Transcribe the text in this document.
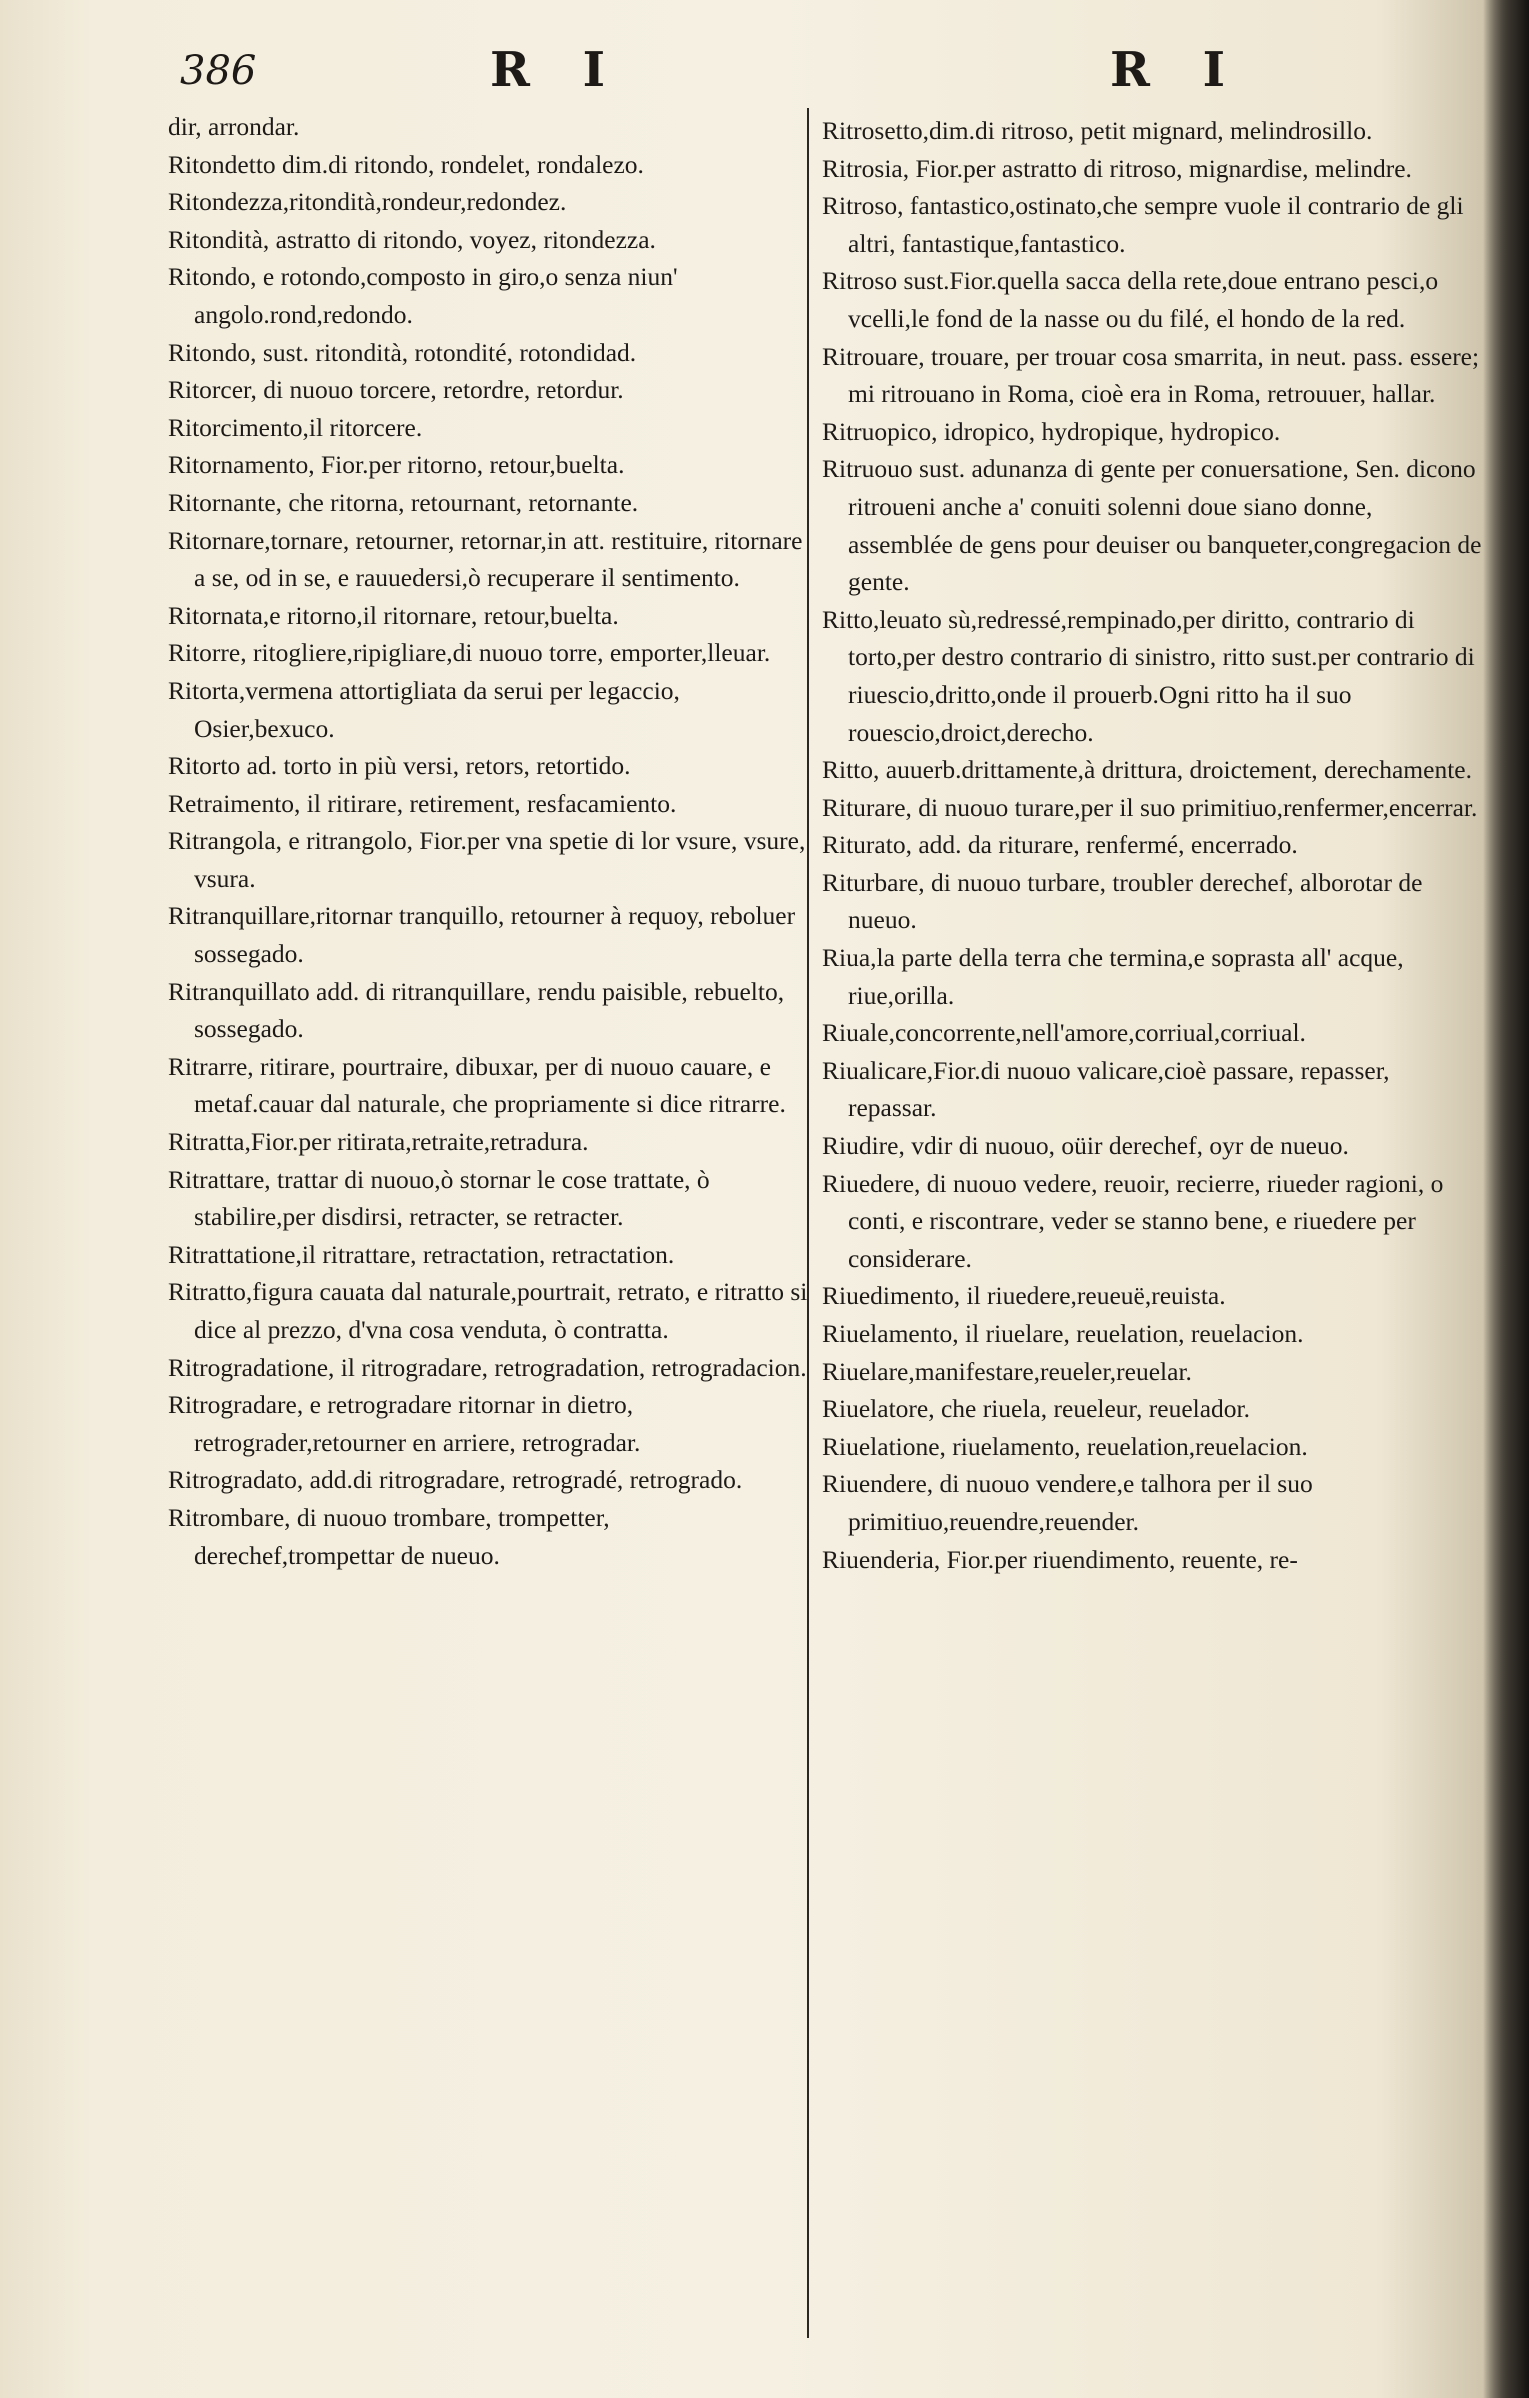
386	R I	R I

dir, arrondar.

Ritondetto dim.di ritondo, rondelet, rondalezo.

Ritondezza,ritondità,rondeur,redondez.

Ritondità, astratto di ritondo, voyez, ritondezza.

Ritondo, e rotondo,composto in giro,o senza niun' angolo.rond,redondo.

Ritondo, sust. ritondità, rotondité, rotondidad.

Ritorcer, di nuouo torcere, retordre, retordur.

Ritorcimento,il ritorcere.

Ritornamento, Fior.per ritorno, retour,buelta.

Ritornante, che ritorna, retournant, retornante.

Ritornare,tornare, retourner, retornar,in att. restituire, ritornare a se, od in se, e rauuedersi,ò recuperare il sentimento.

Ritornata,e ritorno,il ritornare, retour,buelta.

Ritorre, ritogliere,ripigliare,di nuouo torre, emporter,lleuar.

Ritorta,vermena attortigliata da serui per legaccio, Osier,bexuco.

Ritorto ad. torto in più versi, retors, retortido.

Retraimento, il ritirare, retirement, resfacamiento.

Ritrangola, e ritrangolo, Fior.per vna spetie di lor vsure, vsure, vsura.

Ritranquillare,ritornar tranquillo, retourner à requoy, reboluer sossegado.

Ritranquillato add. di ritranquillare, rendu paisible, rebuelto, sossegado.

Ritrarre, ritirare, pourtraire, dibuxar, per di nuouo cauare, e metaf.cauar dal naturale, che propriamente si dice ritrarre.

Ritratta,Fior.per ritirata,retraite,retradura.

Ritrattare, trattar di nuouo,ò stornar le cose trattate, ò stabilire,per disdirsi, retracter, se retracter.

Ritrattatione,il ritrattare, retractation, retractation.

Ritratto,figura cauata dal naturale,pourtrait, retrato, e ritratto si dice al prezzo, d'vna cosa venduta, ò contratta.

Ritrogradatione, il ritrogradare, retrogradation, retrogradacion.

Ritrogradare, e retrogradare ritornar in dietro, retrograder,retourner en arriere, retrogradar.

Ritrogradato, add.di ritrogradare, retrogradé, retrogrado.

Ritrombare, di nuouo trombare, trompetter, derechef,trompettar de nueuo.

Ritrosetto,dim.di ritroso, petit mignard, melindrosillo.

Ritrosia, Fior.per astratto di ritroso, mignardise, melindre.

Ritroso, fantastico,ostinato,che sempre vuole il contrario de gli altri, fantastique,fantastico.

Ritroso sust.Fior.quella sacca della rete,doue entrano pesci,o vcelli,le fond de la nasse ou du filé, el hondo de la red.

Ritrouare, trouare, per trouar cosa smarrita, in neut. pass. essere; mi ritrouano in Roma, cioè era in Roma, retrouuer, hallar.

Ritruopico, idropico, hydropique, hydropico.

Ritruouo sust. adunanza di gente per conuersatione, Sen. dicono ritroueni anche a' conuiti solenni doue siano donne, assemblée de gens pour deuiser ou banqueter,congregacion de gente.

Ritto,leuato sù,redressé,rempinado,per diritto, contrario di torto,per destro contrario di sinistro, ritto sust.per contrario di riuescio,dritto,onde il prouerb.Ogni ritto ha il suo rouescio,droict,derecho.

Ritto, auuerb.drittamente,à drittura, droictement, derechamente.

Riturare, di nuouo turare,per il suo primitiuo,renfermer,encerrar.

Riturato, add. da riturare, renfermé, encerrado.

Riturbare, di nuouo turbare, troubler derechef, alborotar de nueuo.

Riua,la parte della terra che termina,e soprasta all' acque, riue,orilla.

Riuale,concorrente,nell'amore,corriual,corriual.

Riualicare,Fior.di nuouo valicare,cioè passare, repasser, repassar.

Riudire, vdir di nuouo, oüir derechef, oyr de nueuo.

Riuedere, di nuouo vedere, reuoir, recierre, riueder ragioni, o conti, e riscontrare, veder se stanno bene, e riuedere per considerare.

Riuedimento, il riuedere,reueuë,reuista.

Riuelamento, il riuelare, reuelation, reuelacion.

Riuelare,manifestare,reueler,reuelar.

Riuelatore, che riuela, reueleur, reuelador.

Riuelatione, riuelamento, reuelation,reuelacion.

Riuendere, di nuouo vendere,e talhora per il suo primitiuo,reuendre,reuender.

Riuenderia, Fior.per riuendimento, reuente, re-
